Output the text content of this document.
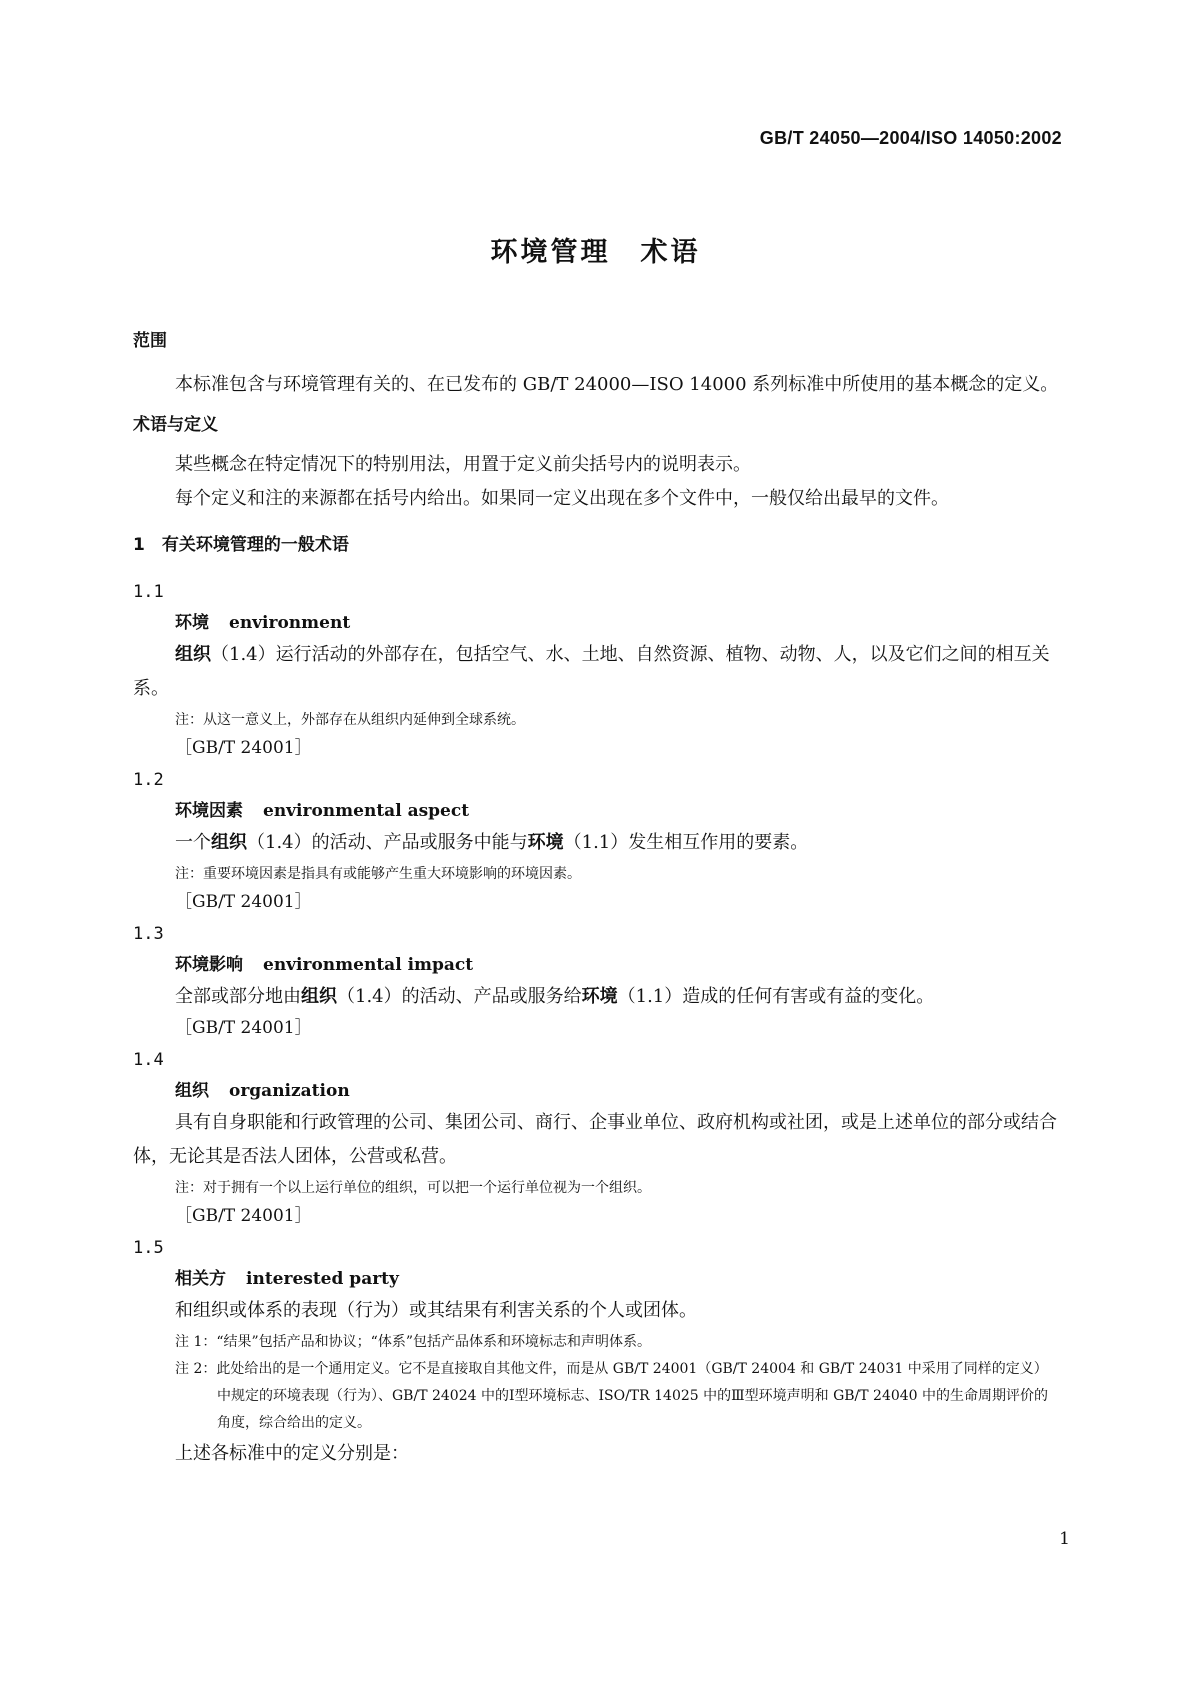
GB/T 24050—2004/ISO 14050:2002
环境管理　术语
范围

本标准包含与环境管理有关的、在已发布的 GB/T 24000—ISO 14000 系列标准中所使用的基本概念的定义。

术语与定义

某些概念在特定情况下的特别用法，用置于定义前尖括号内的说明表示。

每个定义和注的来源都在括号内给出。如果同一定义出现在多个文件中，一般仅给出最早的文件。

1　有关环境管理的一般术语
1.1
环境 environment

组织（1.4）运行活动的外部存在，包括空气、水、土地、自然资源、植物、动物、人，以及它们之间的相互关系。

注：从这一意义上，外部存在从组织内延伸到全球系统。

［GB/T 24001］

1.2
环境因素 environmental aspect

一个组织（1.4）的活动、产品或服务中能与环境（1.1）发生相互作用的要素。

注：重要环境因素是指具有或能够产生重大环境影响的环境因素。

［GB/T 24001］

1.3
环境影响 environmental impact

全部或部分地由组织（1.4）的活动、产品或服务给环境（1.1）造成的任何有害或有益的变化。

［GB/T 24001］

1.4
组织 organization

具有自身职能和行政管理的公司、集团公司、商行、企事业单位、政府机构或社团，或是上述单位的部分或结合体，无论其是否法人团体，公营或私营。

注：对于拥有一个以上运行单位的组织，可以把一个运行单位视为一个组织。

［GB/T 24001］

1.5
相关方 interested party

和组织或体系的表现（行为）或其结果有利害关系的个人或团体。

注 1：“结果”包括产品和协议；“体系”包括产品体系和环境标志和声明体系。

注 2：此处给出的是一个通用定义。它不是直接取自其他文件，而是从 GB/T 24001（GB/T 24004 和 GB/T 24031 中采用了同样的定义）中规定的环境表现（行为）、GB/T 24024 中的Ⅰ型环境标志、ISO/TR 14025 中的Ⅲ型环境声明和 GB/T 24040 中的生命周期评价的角度，综合给出的定义。

上述各标准中的定义分别是：

1
